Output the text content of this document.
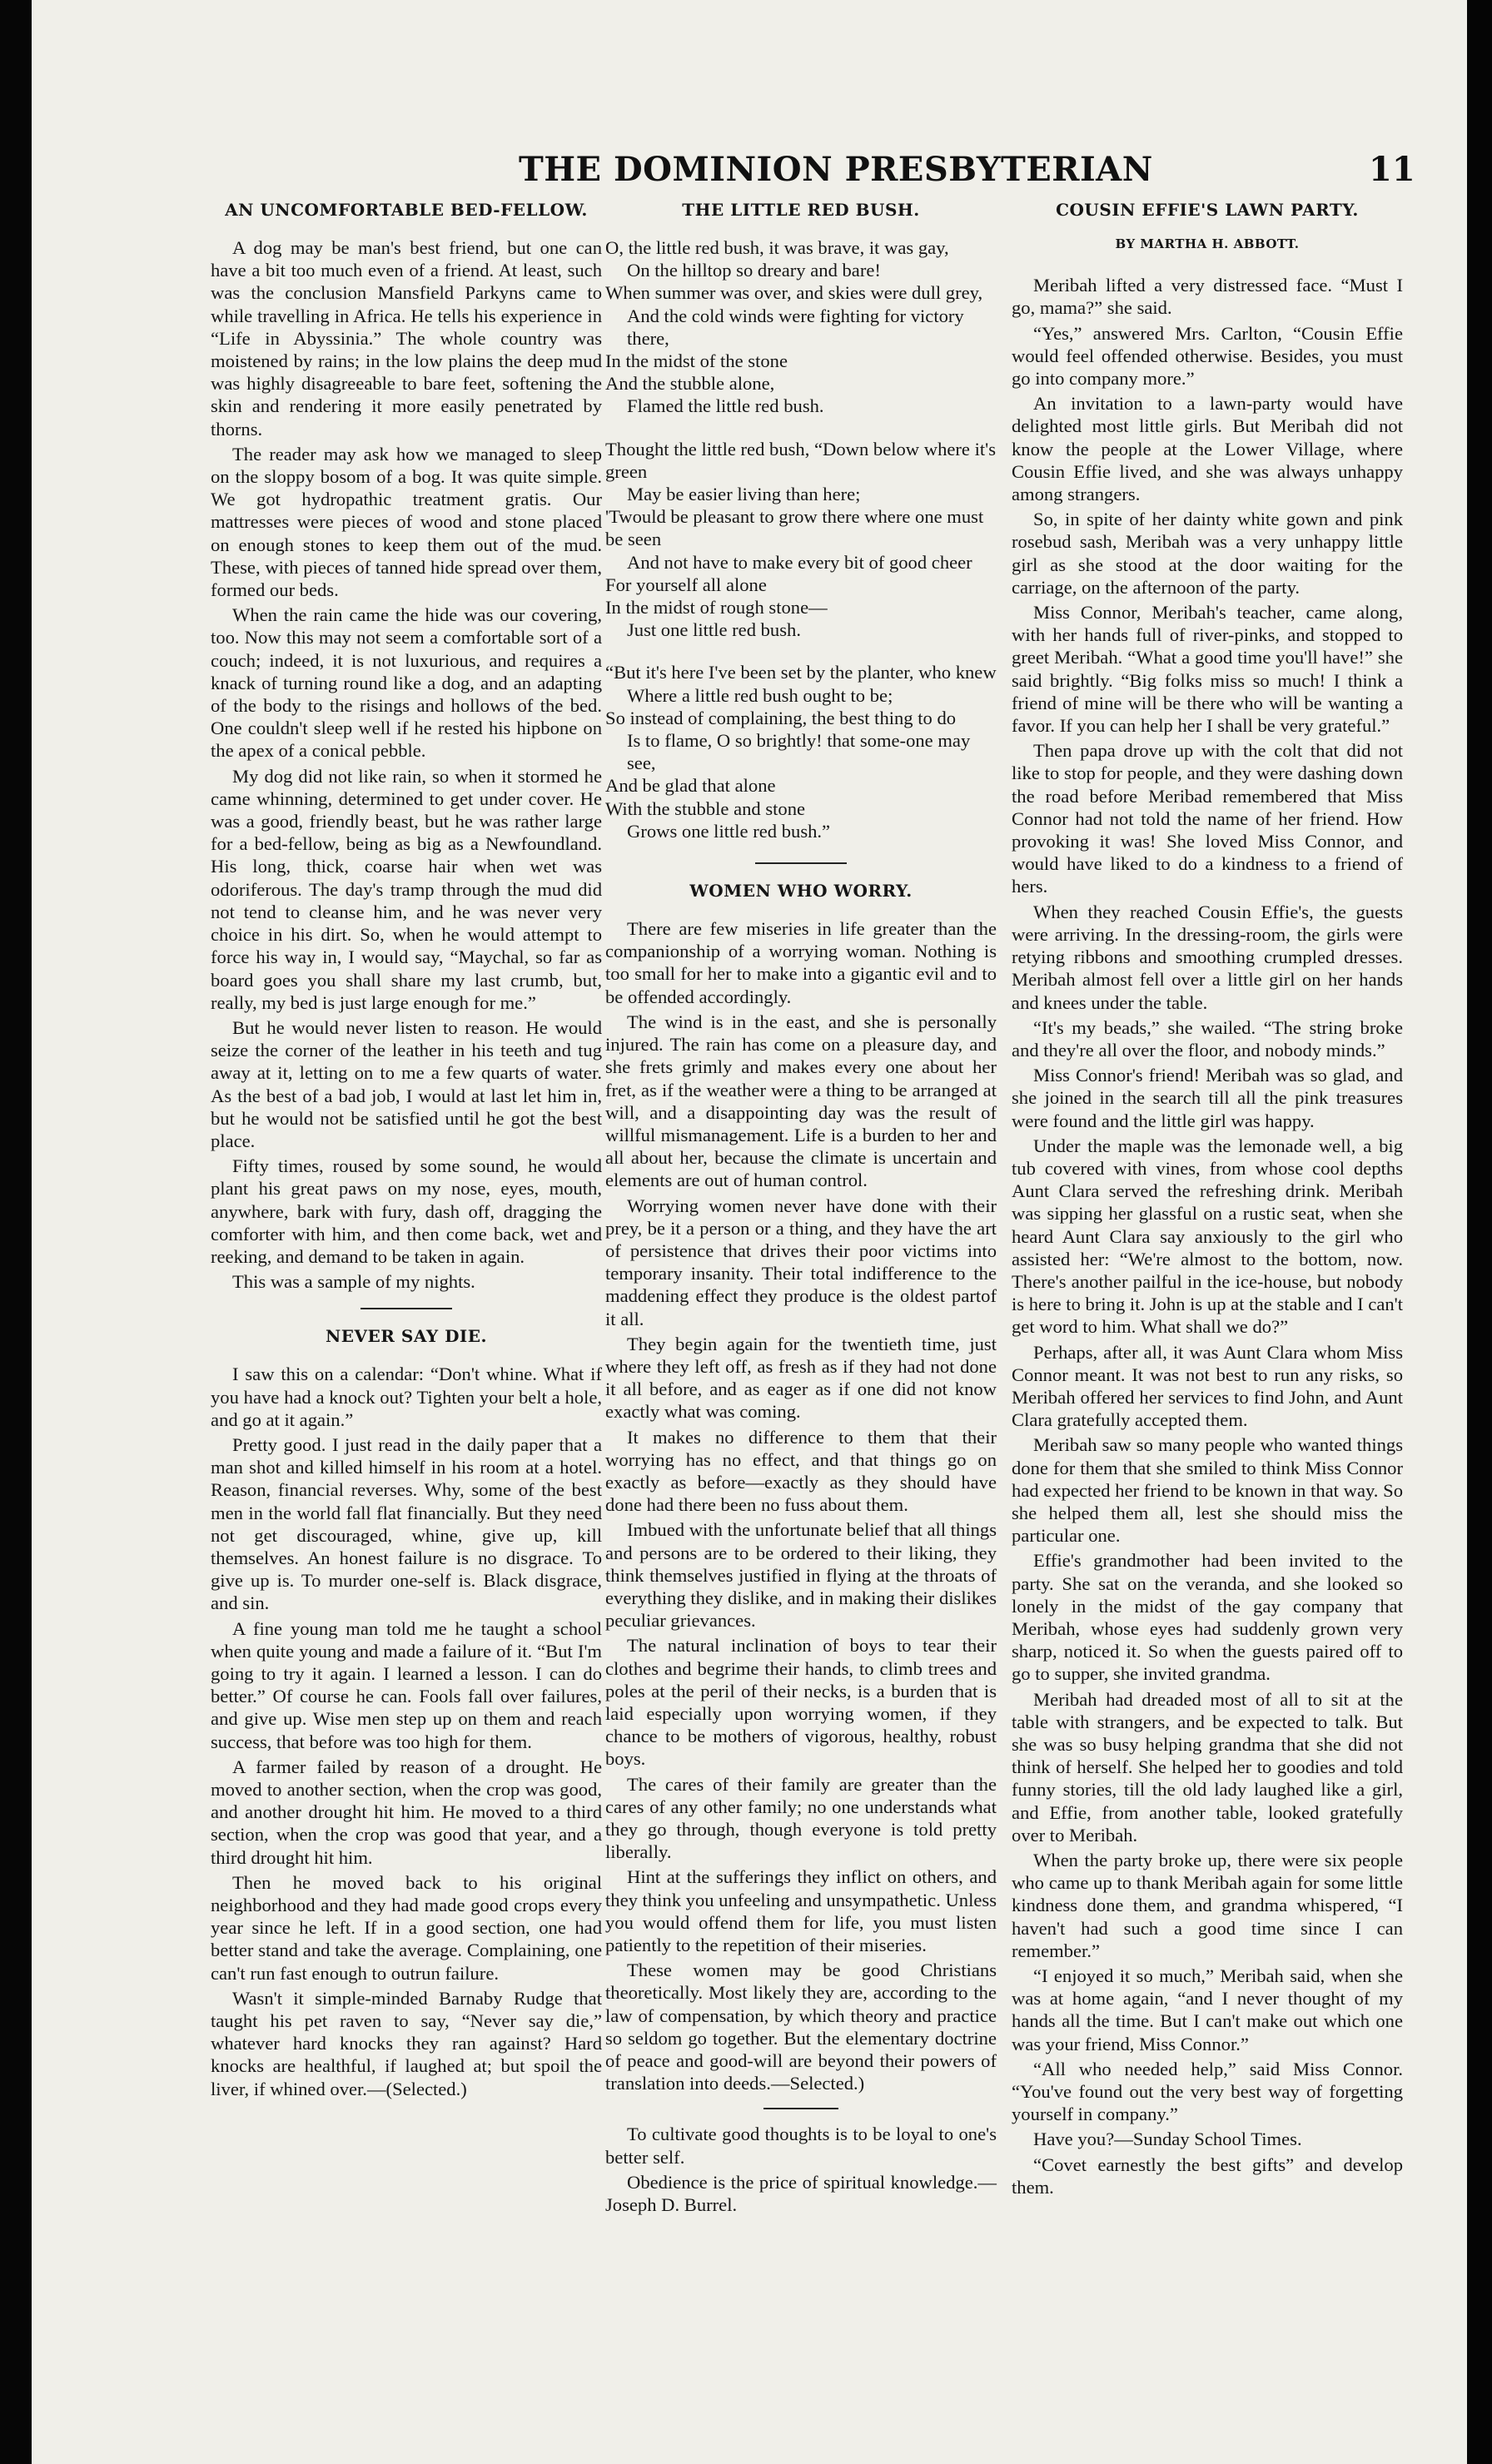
THE DOMINION PRESBYTERIAN	11
AN UNCOMFORTABLE BED-FELLOW.

A dog may be man's best friend, but one can have a bit too much even of a friend. At least, such was the conclusion Mansfield Parkyns came to while travelling in Africa. He tells his experience in “Life in Abyssinia.” The whole country was moistened by rains; in the low plains the deep mud was highly disagreeable to bare feet, softening the skin and rendering it more easily penetrated by thorns.

The reader may ask how we managed to sleep on the sloppy bosom of a bog. It was quite simple. We got hydropathic treatment gratis. Our mattresses were pieces of wood and stone placed on enough stones to keep them out of the mud. These, with pieces of tanned hide spread over them, formed our beds.

When the rain came the hide was our covering, too. Now this may not seem a comfortable sort of a couch; indeed, it is not luxurious, and requires a knack of turning round like a dog, and an adapting of the body to the risings and hollows of the bed. One couldn't sleep well if he rested his hipbone on the apex of a conical pebble.

My dog did not like rain, so when it stormed he came whinning, determined to get under cover. He was a good, friendly beast, but he was rather large for a bed-fellow, being as big as a Newfoundland. His long, thick, coarse hair when wet was odoriferous. The day's tramp through the mud did not tend to cleanse him, and he was never very choice in his dirt. So, when he would attempt to force his way in, I would say, “Maychal, so far as board goes you shall share my last crumb, but, really, my bed is just large enough for me.”

But he would never listen to reason. He would seize the corner of the leather in his teeth and tug away at it, letting on to me a few quarts of water. As the best of a bad job, I would at last let him in, but he would not be satisfied until he got the best place.

Fifty times, roused by some sound, he would plant his great paws on my nose, eyes, mouth, anywhere, bark with fury, dash off, dragging the comforter with him, and then come back, wet and reeking, and demand to be taken in again.

This was a sample of my nights.

NEVER SAY DIE.

I saw this on a calendar: “Don't whine. What if you have had a knock out? Tighten your belt a hole, and go at it again.”

Pretty good. I just read in the daily paper that a man shot and killed himself in his room at a hotel. Reason, financial reverses. Why, some of the best men in the world fall flat financially. But they need not get discouraged, whine, give up, kill themselves. An honest failure is no disgrace. To give up is. To murder one-self is. Black disgrace, and sin.

A fine young man told me he taught a school when quite young and made a failure of it. “But I'm going to try it again. I learned a lesson. I can do better.” Of course he can. Fools fall over failures, and give up. Wise men step up on them and reach success, that before was too high for them.

A farmer failed by reason of a drought. He moved to another section, when the crop was good, and another drought hit him. He moved to a third section, when the crop was good that year, and a third drought hit him.

Then he moved back to his original neighborhood and they had made good crops every year since he left. If in a good section, one had better stand and take the average. Complaining, one can't run fast enough to outrun failure.

Wasn't it simple-minded Barnaby Rudge that taught his pet raven to say, “Never say die,” whatever hard knocks they ran against? Hard knocks are healthful, if laughed at; but spoil the liver, if whined over.—(Selected.)

THE LITTLE RED BUSH.
O, the little red bush, it was brave, it was gay,
On the hilltop so dreary and bare!
When summer was over, and skies were dull grey,
And the cold winds were fighting for victory there,
In the midst of the stone
And the stubble alone,
Flamed the little red bush.
Thought the little red bush, “Down below where it's green
May be easier living than here;
'Twould be pleasant to grow there where one must be seen
And not have to make every bit of good cheer
For yourself all alone
In the midst of rough stone—
Just one little red bush.
“But it's here I've been set by the planter, who knew
Where a little red bush ought to be;
So instead of complaining, the best thing to do
Is to flame, O so brightly! that some-one may see,
And be glad that alone
With the stubble and stone
Grows one little red bush.”
WOMEN WHO WORRY.

There are few miseries in life greater than the companionship of a worrying woman. Nothing is too small for her to make into a gigantic evil and to be offended accordingly.

The wind is in the east, and she is personally injured. The rain has come on a pleasure day, and she frets grimly and makes every one about her fret, as if the weather were a thing to be arranged at will, and a disappointing day was the result of willful mismanagement. Life is a burden to her and all about her, because the climate is uncertain and elements are out of human control.

Worrying women never have done with their prey, be it a person or a thing, and they have the art of persistence that drives their poor victims into temporary insanity. Their total indifference to the maddening effect they produce is the oldest partof it all.

They begin again for the twentieth time, just where they left off, as fresh as if they had not done it all before, and as eager as if one did not know exactly what was coming.

It makes no difference to them that their worrying has no effect, and that things go on exactly as before—exactly as they should have done had there been no fuss about them.

Imbued with the unfortunate belief that all things and persons are to be ordered to their liking, they think themselves justified in flying at the throats of everything they dislike, and in making their dislikes peculiar grievances.

The natural inclination of boys to tear their clothes and begrime their hands, to climb trees and poles at the peril of their necks, is a burden that is laid especially upon worrying women, if they chance to be mothers of vigorous, healthy, robust boys.

The cares of their family are greater than the cares of any other family; no one understands what they go through, though everyone is told pretty liberally.

Hint at the sufferings they inflict on others, and they think you unfeeling and unsympathetic. Unless you would offend them for life, you must listen patiently to the repetition of their miseries.

These women may be good Christians theoretically. Most likely they are, according to the law of compensation, by which theory and practice so seldom go together. But the elementary doctrine of peace and good-will are beyond their powers of translation into deeds.—Selected.)

To cultivate good thoughts is to be loyal to one's better self.

Obedience is the price of spiritual knowledge.—Joseph D. Burrel.

COUSIN EFFIE'S LAWN PARTY.
BY MARTHA H. ABBOTT.

Meribah lifted a very distressed face. “Must I go, mama?” she said.

“Yes,” answered Mrs. Carlton, “Cousin Effie would feel offended otherwise. Besides, you must go into company more.”

An invitation to a lawn-party would have delighted most little girls. But Meribah did not know the people at the Lower Village, where Cousin Effie lived, and she was always unhappy among strangers.

So, in spite of her dainty white gown and pink rosebud sash, Meribah was a very unhappy little girl as she stood at the door waiting for the carriage, on the afternoon of the party.

Miss Connor, Meribah's teacher, came along, with her hands full of river-pinks, and stopped to greet Meribah. “What a good time you'll have!” she said brightly. “Big folks miss so much! I think a friend of mine will be there who will be wanting a favor. If you can help her I shall be very grateful.”

Then papa drove up with the colt that did not like to stop for people, and they were dashing down the road before Meribad remembered that Miss Connor had not told the name of her friend. How provoking it was! She loved Miss Connor, and would have liked to do a kindness to a friend of hers.

When they reached Cousin Effie's, the guests were arriving. In the dressing-room, the girls were retying ribbons and smoothing crumpled dresses. Meribah almost fell over a little girl on her hands and knees under the table.

“It's my beads,” she wailed. “The string broke and they're all over the floor, and nobody minds.”

Miss Connor's friend! Meribah was so glad, and she joined in the search till all the pink treasures were found and the little girl was happy.

Under the maple was the lemonade well, a big tub covered with vines, from whose cool depths Aunt Clara served the refreshing drink. Meribah was sipping her glassful on a rustic seat, when she heard Aunt Clara say anxiously to the girl who assisted her: “We're almost to the bottom, now. There's another pailful in the ice-house, but nobody is here to bring it. John is up at the stable and I can't get word to him. What shall we do?”

Perhaps, after all, it was Aunt Clara whom Miss Connor meant. It was not best to run any risks, so Meribah offered her services to find John, and Aunt Clara gratefully accepted them.

Meribah saw so many people who wanted things done for them that she smiled to think Miss Connor had expected her friend to be known in that way. So she helped them all, lest she should miss the particular one.

Effie's grandmother had been invited to the party. She sat on the veranda, and she looked so lonely in the midst of the gay company that Meribah, whose eyes had suddenly grown very sharp, noticed it. So when the guests paired off to go to supper, she invited grandma.

Meribah had dreaded most of all to sit at the table with strangers, and be expected to talk. But she was so busy helping grandma that she did not think of herself. She helped her to goodies and told funny stories, till the old lady laughed like a girl, and Effie, from another table, looked gratefully over to Meribah.

When the party broke up, there were six people who came up to thank Meribah again for some little kindness done them, and grandma whispered, “I haven't had such a good time since I can remember.”

“I enjoyed it so much,” Meribah said, when she was at home again, “and I never thought of my hands all the time. But I can't make out which one was your friend, Miss Connor.”

“All who needed help,” said Miss Connor. “You've found out the very best way of forgetting yourself in company.”

Have you?—Sunday School Times.

“Covet earnestly the best gifts” and develop them.
